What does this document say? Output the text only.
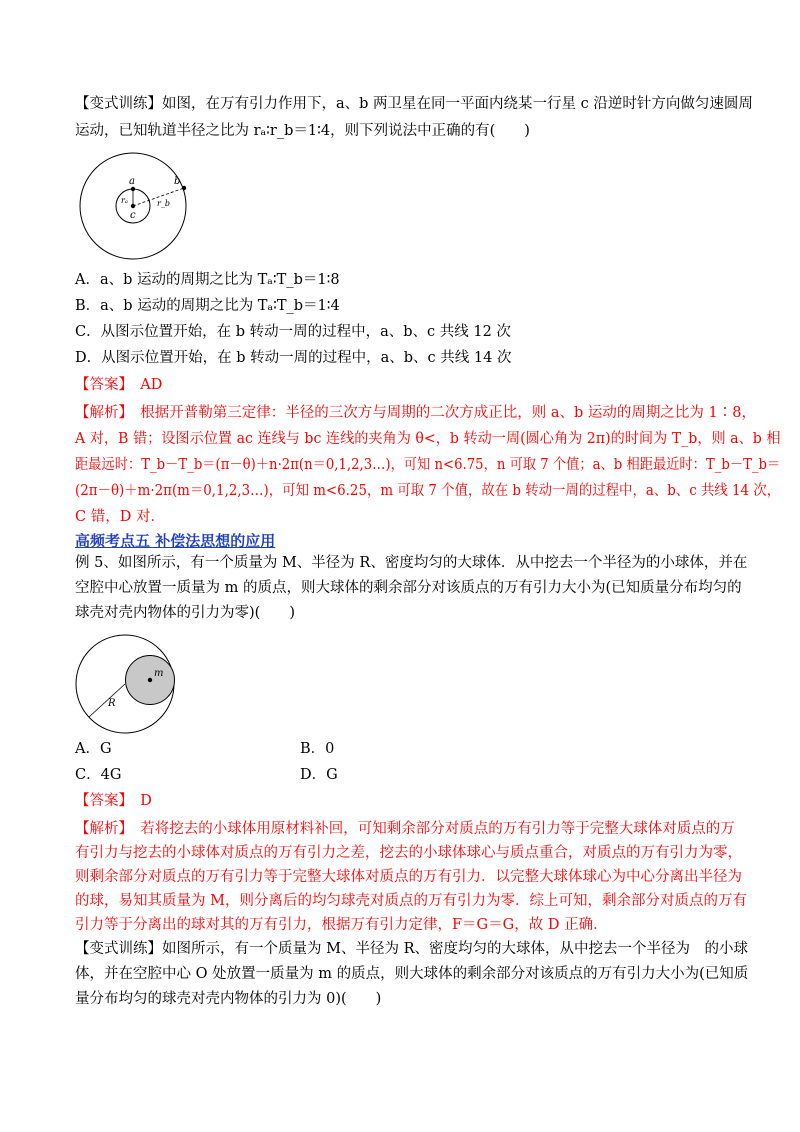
【变式训练】如图，在万有引力作用下，a、b 两卫星在同一平面内绕某一行星 c 沿逆时针方向做匀速圆周
运动，已知轨道半径之比为 rₐ∶r_b＝1∶4，则下列说法中正确的有(　　)
a	b
c
rₐ	r_b
A．a、b 运动的周期之比为 Tₐ∶T_b＝1∶8
B．a、b 运动的周期之比为 Tₐ∶T_b＝1∶4
C．从图示位置开始，在 b 转动一周的过程中，a、b、c 共线 12 次
D．从图示位置开始，在 b 转动一周的过程中，a、b、c 共线 14 次
【答案】　AD
【解析】　根据开普勒第三定律：半径的三次方与周期的二次方成正比，则 a、b 运动的周期之比为 1∶8，
A 对，B 错；设图示位置 ac 连线与 bc 连线的夹角为 θ<，b 转动一周(圆心角为 2π)的时间为 T_b，则 a、b 相
距最远时：T_b－T_b＝(π－θ)＋n·2π(n＝0,1,2,3…)，可知 n<6.75，n 可取 7 个值；a、b 相距最近时：T_b－T_b＝
(2π－θ)＋m·2π(m＝0,1,2,3…)，可知 m<6.25，m 可取 7 个值，故在 b 转动一周的过程中，a、b、c 共线 14 次，
C 错，D 对．
高频考点五 补偿法思想的应用
例 5、如图所示，有一个质量为 M、半径为 R、密度均匀的大球体．从中挖去一个半径为的小球体，并在
空腔中心放置一质量为 m 的质点，则大球体的剩余部分对该质点的万有引力大小为(已知质量分布均匀的
球壳对壳内物体的引力为零)(　　)
m
R
A．G	B．0
C．4G	D．G
【答案】　D
【解析】　若将挖去的小球体用原材料补回，可知剩余部分对质点的万有引力等于完整大球体对质点的万
有引力与挖去的小球体对质点的万有引力之差，挖去的小球体球心与质点重合，对质点的万有引力为零，
则剩余部分对质点的万有引力等于完整大球体对质点的万有引力．以完整大球体球心为中心分离出半径为
的球，易知其质量为 M，则分离后的均匀球壳对质点的万有引力为零．综上可知，剩余部分对质点的万有
引力等于分离出的球对其的万有引力，根据万有引力定律，F＝G＝G，故 D 正确．
【变式训练】如图所示，有一个质量为 M、半径为 R、密度均匀的大球体，从中挖去一个半径为　的小球
体，并在空腔中心 O 处放置一质量为 m 的质点，则大球体的剩余部分对该质点的万有引力大小为(已知质
量分布均匀的球壳对壳内物体的引力为 0)(　　)
